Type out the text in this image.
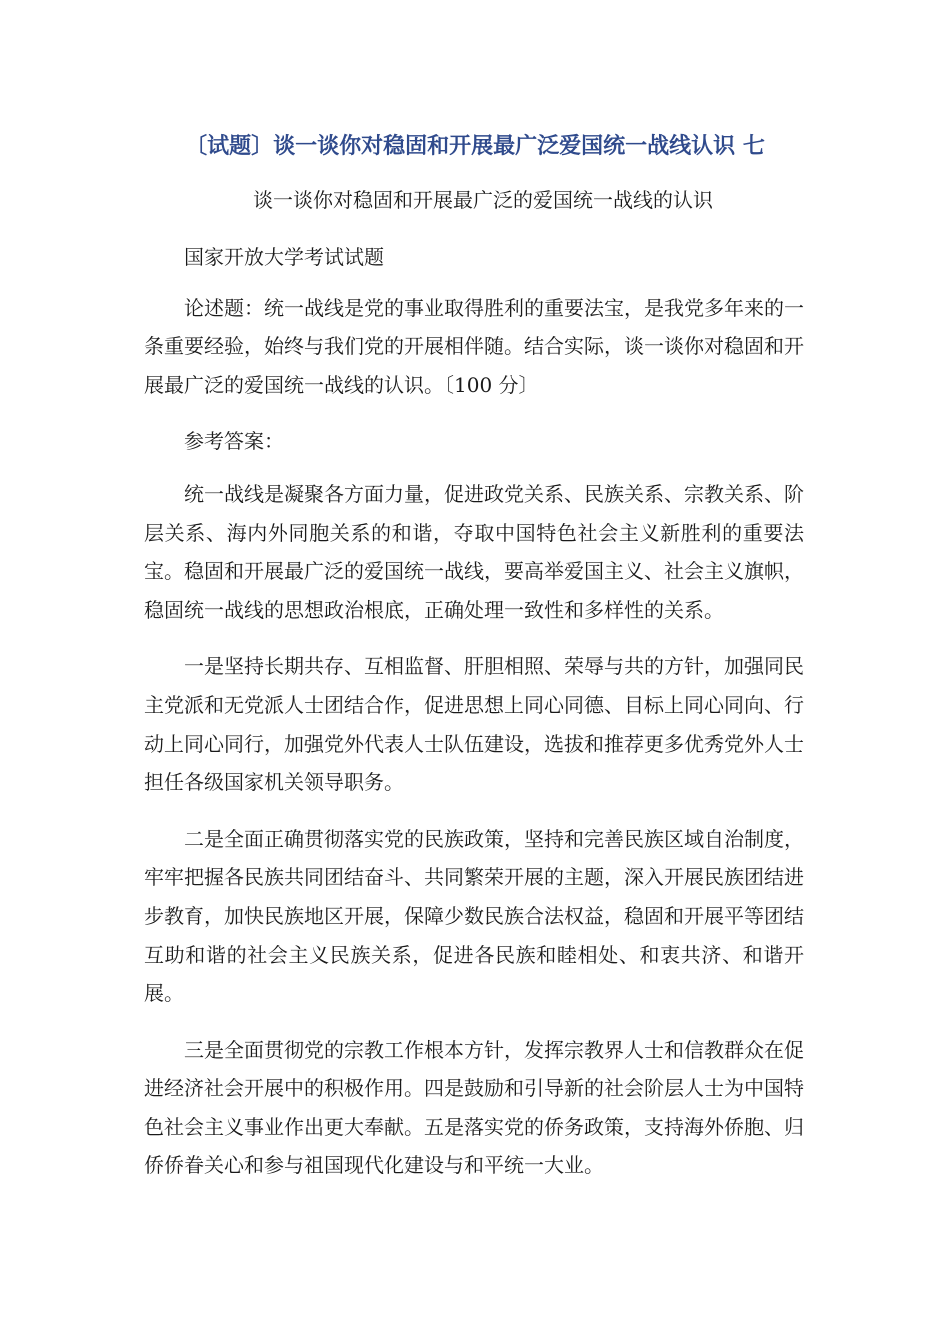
〔试题〕谈一谈你对稳固和开展最广泛爱国统一战线认识 七
谈一谈你对稳固和开展最广泛的爱国统一战线的认识

国家开放大学考试试题

论述题：统一战线是党的事业取得胜利的重要法宝，是我党多年来的一条重要经验，始终与我们党的开展相伴随。结合实际，谈一谈你对稳固和开展最广泛的爱国统一战线的认识。〔100 分〕

参考答案：

统一战线是凝聚各方面力量，促进政党关系、民族关系、宗教关系、阶层关系、海内外同胞关系的和谐，夺取中国特色社会主义新胜利的重要法宝。稳固和开展最广泛的爱国统一战线，要高举爱国主义、社会主义旗帜，稳固统一战线的思想政治根底，正确处理一致性和多样性的关系。

一是坚持长期共存、互相监督、肝胆相照、荣辱与共的方针，加强同民主党派和无党派人士团结合作，促进思想上同心同德、目标上同心同向、行动上同心同行，加强党外代表人士队伍建设，选拔和推荐更多优秀党外人士担任各级国家机关领导职务。

二是全面正确贯彻落实党的民族政策，坚持和完善民族区域自治制度，牢牢把握各民族共同团结奋斗、共同繁荣开展的主题，深入开展民族团结进步教育，加快民族地区开展，保障少数民族合法权益，稳固和开展平等团结互助和谐的社会主义民族关系，促进各民族和睦相处、和衷共济、和谐开展。

三是全面贯彻党的宗教工作根本方针，发挥宗教界人士和信教群众在促进经济社会开展中的积极作用。四是鼓励和引导新的社会阶层人士为中国特色社会主义事业作出更大奉献。五是落实党的侨务政策，支持海外侨胞、归侨侨眷关心和参与祖国现代化建设与和平统一大业。
